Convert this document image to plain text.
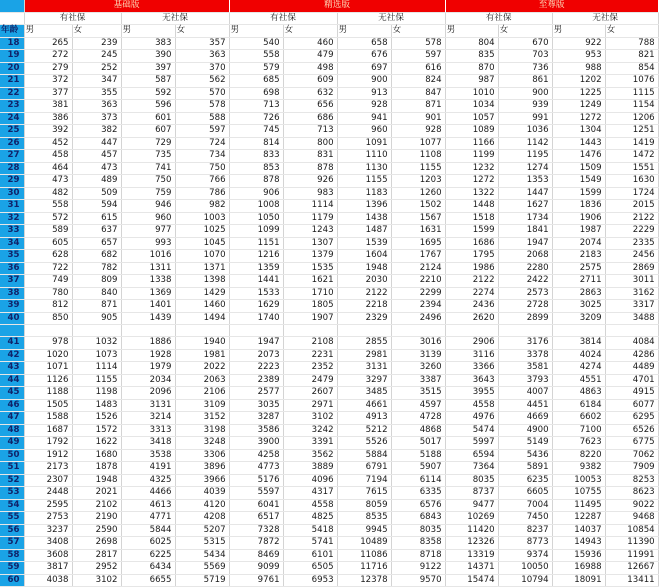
	基础版				精选版				至尊版			
	有社保		无社保		有社保		无社保		有社保		无社保	
年龄	男	女	男	女	男	女	男	女	男	女	男	女
18	265	239	383	357	540	460	658	578	804	670	922	788
19	272	245	390	363	558	479	676	597	835	703	953	821
20	279	252	397	370	579	498	697	616	870	736	988	854
21	372	347	587	562	685	609	900	824	987	861	1202	1076
22	377	355	592	570	698	632	913	847	1010	900	1225	1115
23	381	363	596	578	713	656	928	871	1034	939	1249	1154
24	386	373	601	588	726	686	941	901	1057	991	1272	1206
25	392	382	607	597	745	713	960	928	1089	1036	1304	1251
26	452	447	729	724	814	800	1091	1077	1166	1142	1443	1419
27	458	457	735	734	833	831	1110	1108	1199	1195	1476	1472
28	464	473	741	750	853	878	1130	1155	1232	1274	1509	1551
29	473	489	750	766	878	926	1155	1203	1272	1353	1549	1630
30	482	509	759	786	906	983	1183	1260	1322	1447	1599	1724
31	558	594	946	982	1008	1114	1396	1502	1448	1627	1836	2015
32	572	615	960	1003	1050	1179	1438	1567	1518	1734	1906	2122
33	589	637	977	1025	1099	1243	1487	1631	1599	1841	1987	2229
34	605	657	993	1045	1151	1307	1539	1695	1686	1947	2074	2335
35	628	682	1016	1070	1216	1379	1604	1767	1795	2068	2183	2456
36	722	782	1311	1371	1359	1535	1948	2124	1986	2280	2575	2869
37	749	809	1338	1398	1441	1621	2030	2210	2122	2422	2711	3011
38	780	840	1369	1429	1533	1710	2122	2299	2274	2573	2863	3162
39	812	871	1401	1460	1629	1805	2218	2394	2436	2728	3025	3317
40	850	905	1439	1494	1740	1907	2329	2496	2620	2899	3209	3488

41	978	1032	1886	1940	1947	2108	2855	3016	2906	3176	3814	4084
42	1020	1073	1928	1981	2073	2231	2981	3139	3116	3378	4024	4286
43	1071	1114	1979	2022	2223	2352	3131	3260	3366	3581	4274	4489
44	1126	1155	2034	2063	2389	2479	3297	3387	3643	3793	4551	4701
45	1188	1198	2096	2106	2577	2607	3485	3515	3955	4007	4863	4915
46	1505	1483	3131	3109	3035	2971	4661	4597	4558	4451	6184	6077
47	1588	1526	3214	3152	3287	3102	4913	4728	4976	4669	6602	6295
48	1687	1572	3313	3198	3586	3242	5212	4868	5474	4900	7100	6526
49	1792	1622	3418	3248	3900	3391	5526	5017	5997	5149	7623	6775
50	1912	1680	3538	3306	4258	3562	5884	5188	6594	5436	8220	7062
51	2173	1878	4191	3896	4773	3889	6791	5907	7364	5891	9382	7909
52	2307	1948	4325	3966	5176	4096	7194	6114	8035	6235	10053	8253
53	2448	2021	4466	4039	5597	4317	7615	6335	8737	6605	10755	8623
54	2595	2102	4613	4120	6041	4558	8059	6576	9477	7004	11495	9022
55	2753	2190	4771	4208	6517	4825	8535	6843	10269	7450	12287	9468
56	3237	2590	5844	5207	7328	5418	9945	8035	11420	8237	14037	10854
57	3408	2698	6025	5315	7872	5741	10489	8358	12326	8773	14943	11390
58	3608	2817	6225	5434	8469	6101	11086	8718	13319	9374	15936	11991
59	3817	2952	6434	5569	9099	6505	11716	9122	14371	10050	16988	12667
60	4038	3102	6655	5719	9761	6953	12378	9570	15474	10794	18091	13411
